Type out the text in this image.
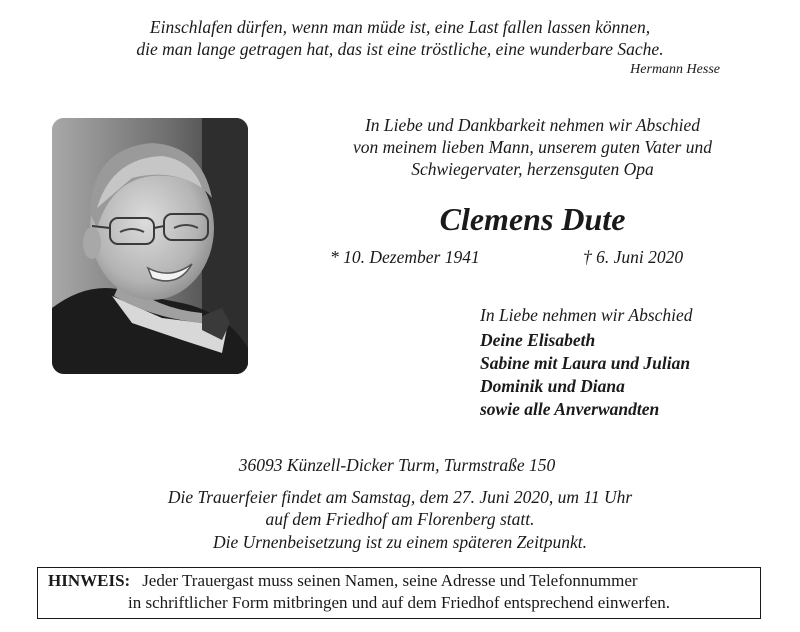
Einschlafen dürfen, wenn man müde ist, eine Last fallen lassen können,
die man lange getragen hat, das ist eine tröstliche, eine wunderbare Sache.
Hermann Hesse
In Liebe und Dankbarkeit nehmen wir Abschied
von meinem lieben Mann, unserem guten Vater und
Schwiegervater, herzensguten Opa
Clemens Dute
* 10. Dezember 1941	† 6. Juni 2020
In Liebe nehmen wir Abschied
Deine Elisabeth
Sabine mit Laura und Julian
Dominik und Diana
sowie alle Anverwandten
36093 Künzell-Dicker Turm, Turmstraße 150
Die Trauerfeier findet am Samstag, dem 27. Juni 2020, um 11 Uhr
auf dem Friedhof am Florenberg statt.
Die Urnenbeisetzung ist zu einem späteren Zeitpunkt.
HINWEIS: Jeder Trauergast muss seinen Namen, seine Adresse und Telefonnummer
in schriftlicher Form mitbringen und auf dem Friedhof entsprechend einwerfen.
